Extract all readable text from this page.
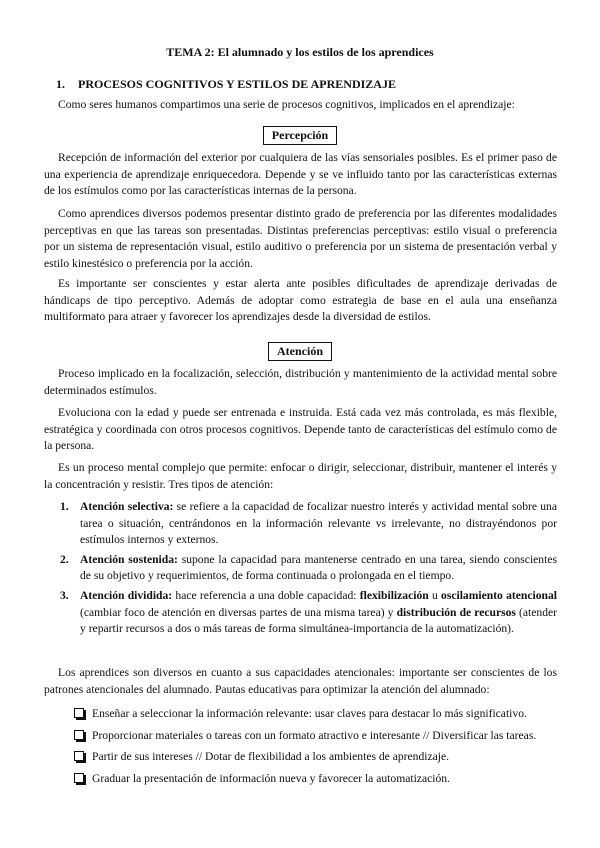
TEMA 2: El alumnado y los estilos de los aprendices
1. PROCESOS COGNITIVOS Y ESTILOS DE APRENDIZAJE

Como seres humanos compartimos una serie de procesos cognitivos, implicados en el aprendizaje:

Percepción

Recepción de información del exterior por cualquiera de las vías sensoriales posibles. Es el primer paso de una experiencia de aprendizaje enriquecedora. Depende y se ve influido tanto por las características externas de los estímulos como por las características internas de la persona.

Como aprendices diversos podemos presentar distinto grado de preferencia por las diferentes modalidades perceptivas en que las tareas son presentadas. Distintas preferencias perceptivas: estilo visual o preferencia por un sistema de representación visual, estilo auditivo o preferencia por un sistema de presentación verbal y estilo kinestésico o preferencia por la acción.

Es importante ser conscientes y estar alerta ante posibles dificultades de aprendizaje derivadas de hándicaps de tipo perceptivo. Además de adoptar como estrategia de base en el aula una enseñanza multiformato para atraer y favorecer los aprendizajes desde la diversidad de estilos.

Atención

Proceso implicado en la focalización, selección, distribución y mantenimiento de la actividad mental sobre determinados estímulos.

Evoluciona con la edad y puede ser entrenada e instruida. Está cada vez más controlada, es más flexible, estratégica y coordinada con otros procesos cognitivos. Depende tanto de características del estímulo como de la persona.

Es un proceso mental complejo que permite: enfocar o dirigir, seleccionar, distribuir, mantener el interés y la concentración y resistir. Tres tipos de atención:

1. Atención selectiva: se refiere a la capacidad de focalizar nuestro interés y actividad mental sobre una tarea o situación, centrándonos en la información relevante vs irrelevante, no distrayéndonos por estímulos internos y externos.
2. Atención sostenida: supone la capacidad para mantenerse centrado en una tarea, siendo conscientes de su objetivo y requerimientos, de forma continuada o prolongada en el tiempo.
3. Atención dividida: hace referencia a una doble capacidad: flexibilización u oscilamiento atencional (cambiar foco de atención en diversas partes de una misma tarea) y distribución de recursos (atender y repartir recursos a dos o más tareas de forma simultánea-importancia de la automatización).

Los aprendices son diversos en cuanto a sus capacidades atencionales: importante ser conscientes de los patrones atencionales del alumnado. Pautas educativas para optimizar la atención del alumnado:

Enseñar a seleccionar la información relevante: usar claves para destacar lo más significativo.
Proporcionar materiales o tareas con un formato atractivo e interesante // Diversificar las tareas.
Partir de sus intereses // Dotar de flexibilidad a los ambientes de aprendizaje.
Graduar la presentación de información nueva y favorecer la automatización.
